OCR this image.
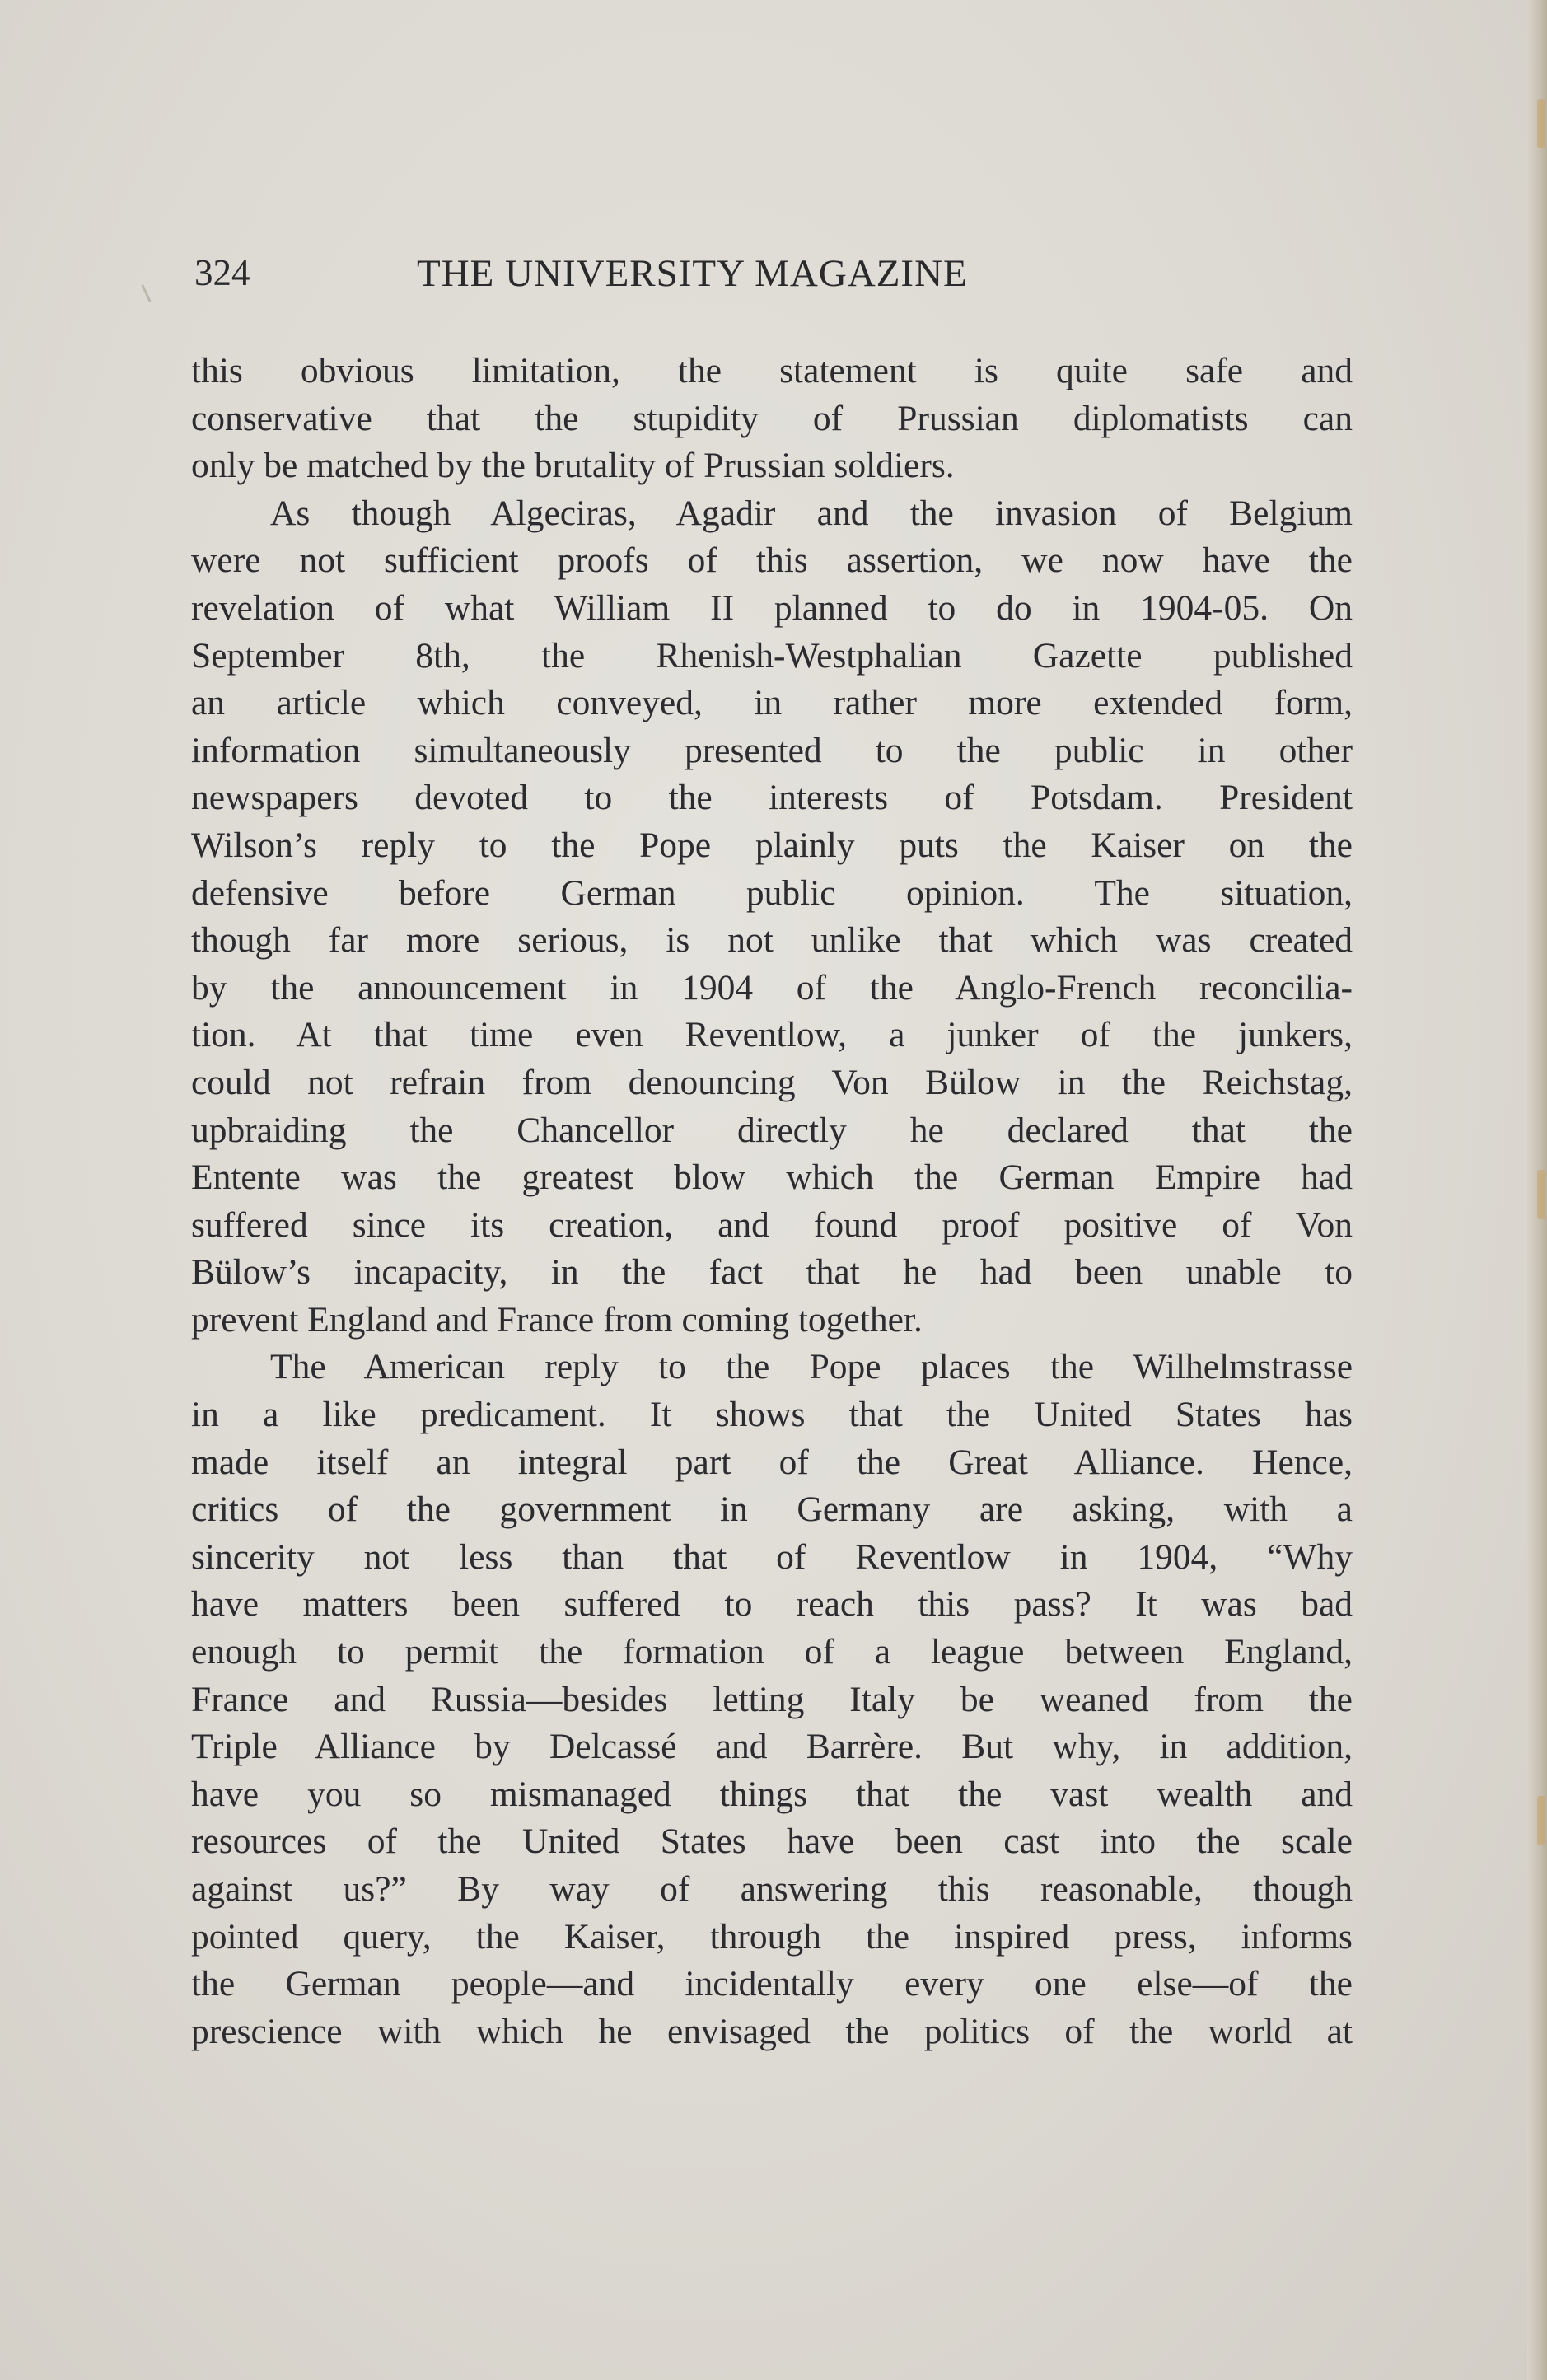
324	THE UNIVERSITY MAGAZINE
this obvious limitation, the statement is quite safe and
conservative that the stupidity of Prussian diplomatists can
only be matched by the brutality of Prussian soldiers.
As though Algeciras, Agadir and the invasion of Belgium
were not sufficient proofs of this assertion, we now have the
revelation of what William II planned to do in 1904-05. On
September 8th, the Rhenish-Westphalian Gazette published
an article which conveyed, in rather more extended form,
information simultaneously presented to the public in other
newspapers devoted to the interests of Potsdam. President
Wilson’s reply to the Pope plainly puts the Kaiser on the
defensive before German public opinion. The situation,
though far more serious, is not unlike that which was created
by the announcement in 1904 of the Anglo-French reconcilia-
tion. At that time even Reventlow, a junker of the junkers,
could not refrain from denouncing Von Bülow in the Reichstag,
upbraiding the Chancellor directly he declared that the
Entente was the greatest blow which the German Empire had
suffered since its creation, and found proof positive of Von
Bülow’s incapacity, in the fact that he had been unable to
prevent England and France from coming together.
The American reply to the Pope places the Wilhelmstrasse
in a like predicament. It shows that the United States has
made itself an integral part of the Great Alliance. Hence,
critics of the government in Germany are asking, with a
sincerity not less than that of Reventlow in 1904, “Why
have matters been suffered to reach this pass? It was bad
enough to permit the formation of a league between England,
France and Russia—besides letting Italy be weaned from the
Triple Alliance by Delcassé and Barrère. But why, in addition,
have you so mismanaged things that the vast wealth and
resources of the United States have been cast into the scale
against us?” By way of answering this reasonable, though
pointed query, the Kaiser, through the inspired press, informs
the German people—and incidentally every one else—of the
prescience with which he envisaged the politics of the world at
